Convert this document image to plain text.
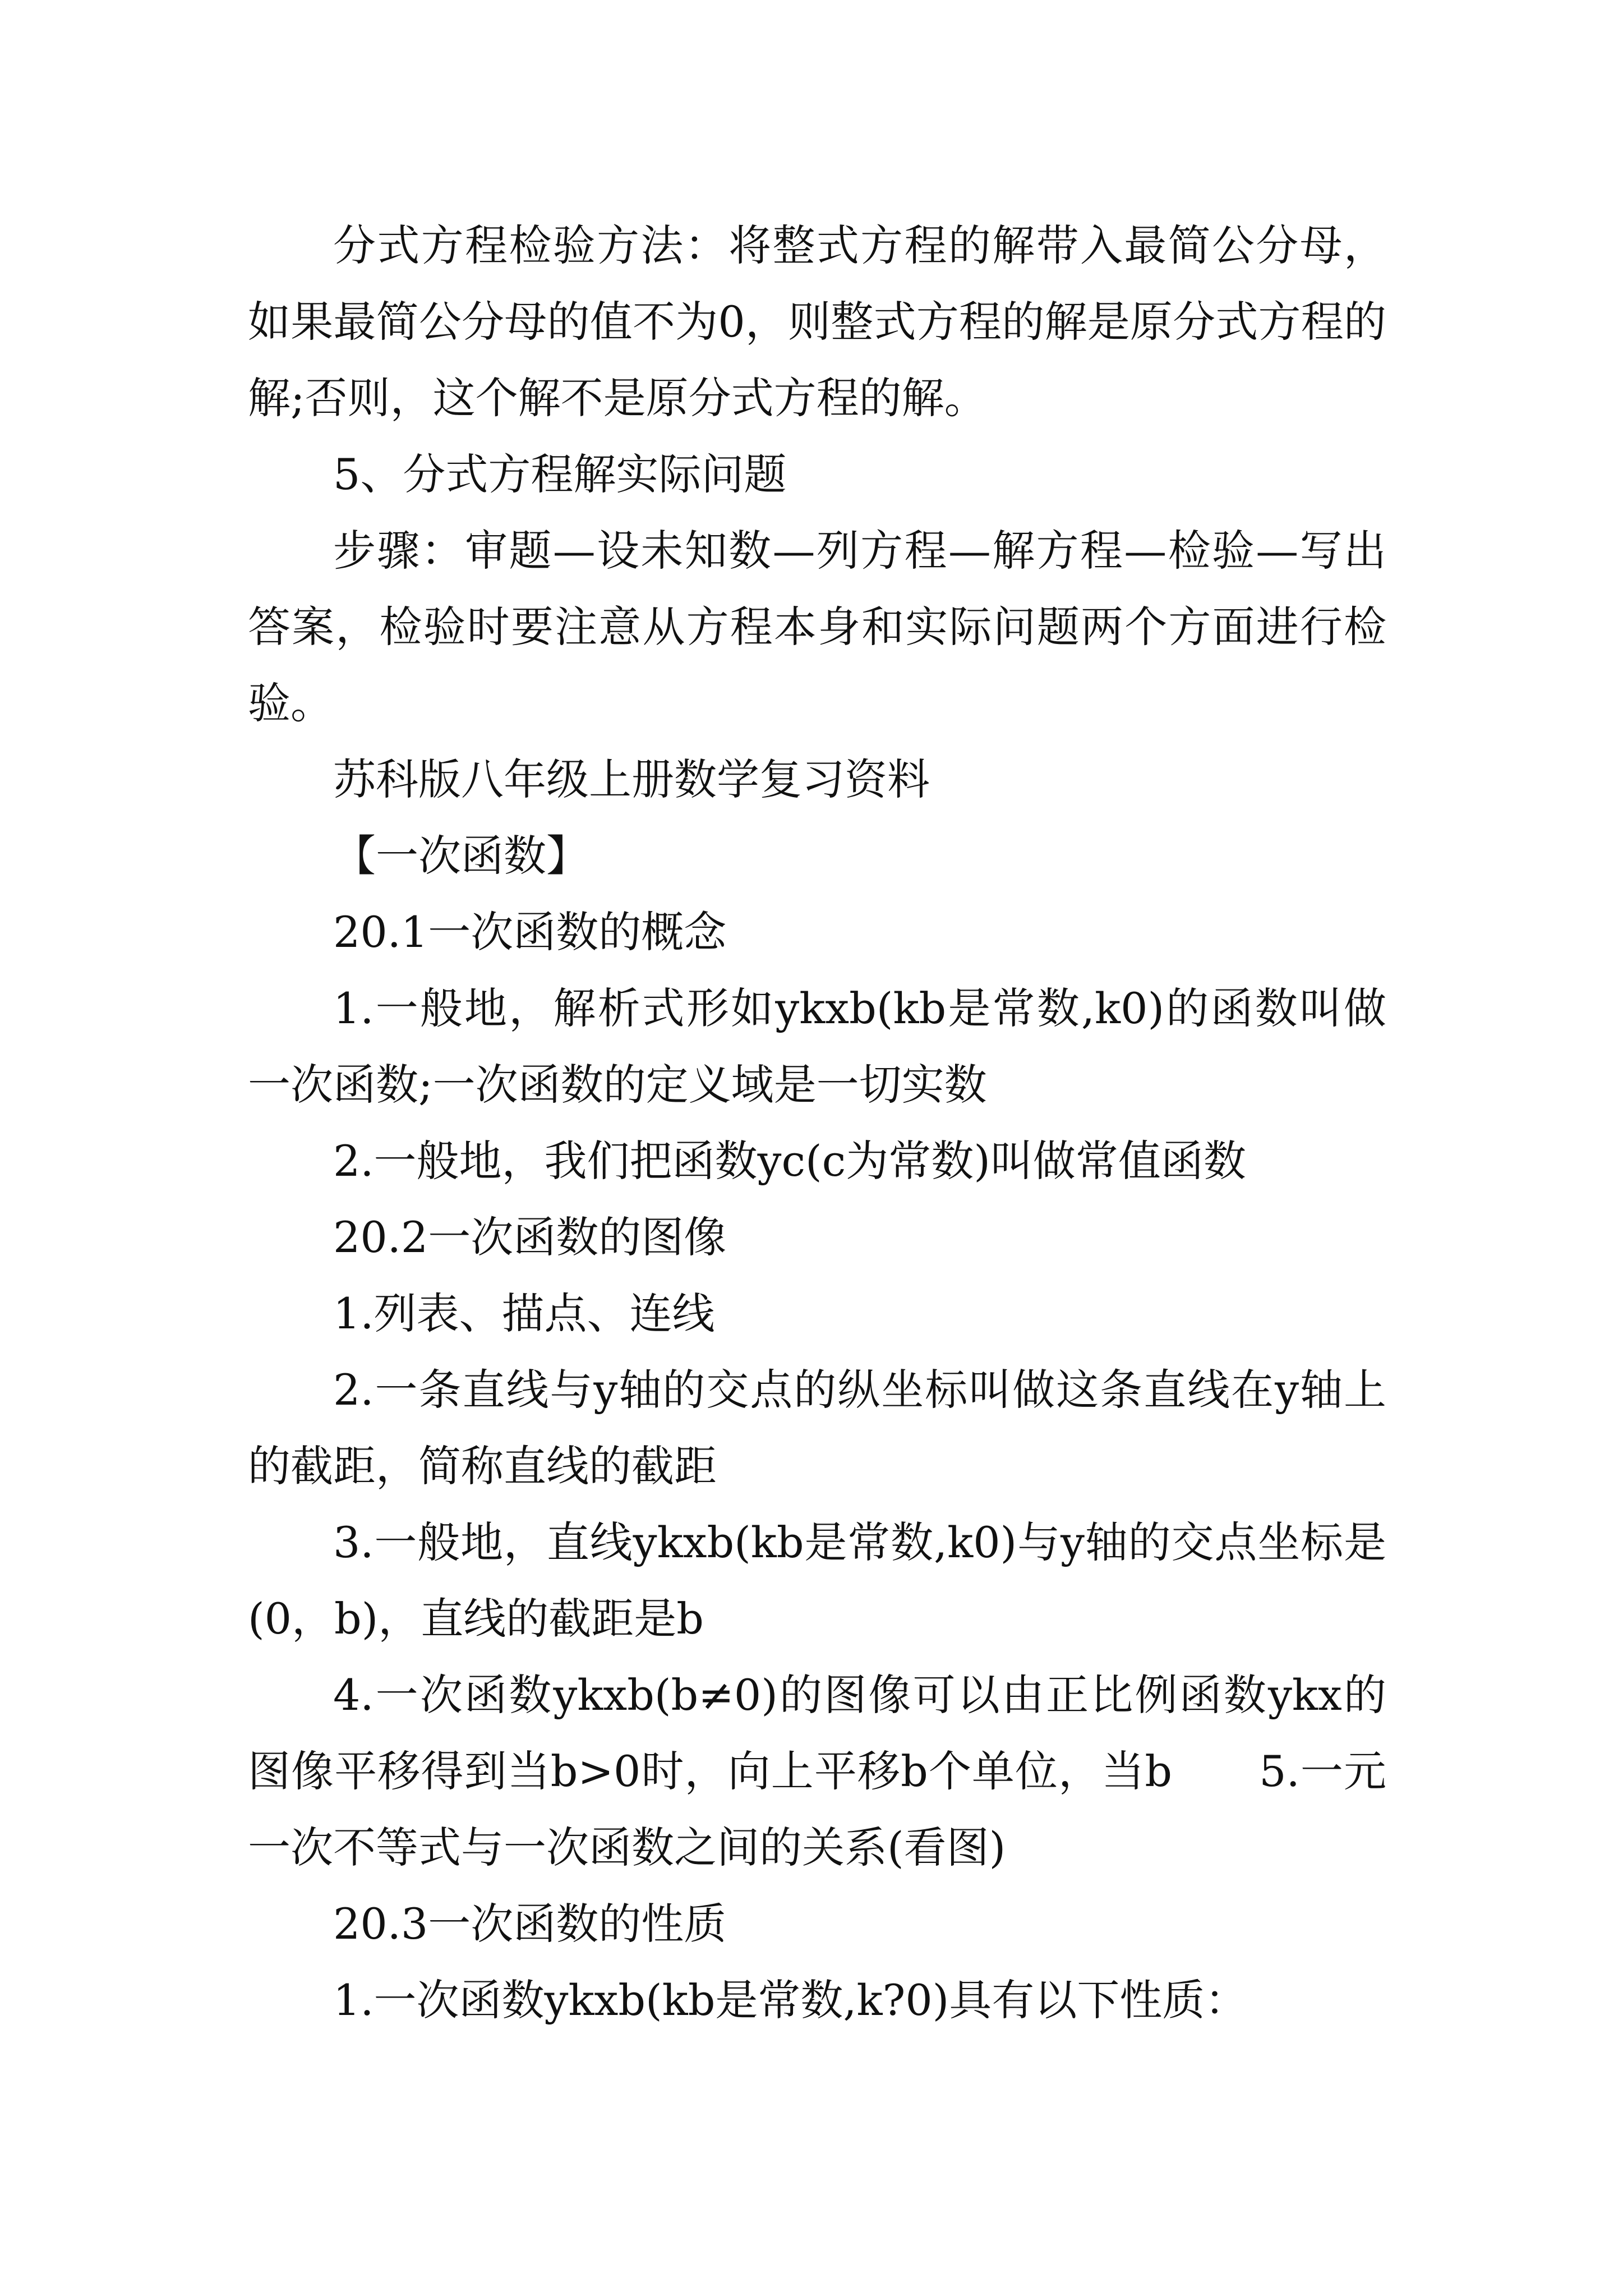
分式方程检验方法：将整式方程的解带入最简公分母，如果最简公分母的值不为0，则整式方程的解是原分式方程的解;否则，这个解不是原分式方程的解。

5、分式方程解实际问题

步骤：审题—设未知数—列方程—解方程—检验—写出答案，检验时要注意从方程本身和实际问题两个方面进行检验。

苏科版八年级上册数学复习资料

【一次函数】

20.1一次函数的概念

1.一般地，解析式形如ykxb(kb是常数,k0)的函数叫做一次函数;一次函数的定义域是一切实数

2.一般地，我们把函数yc(c为常数)叫做常值函数

20.2一次函数的图像

1.列表、描点、连线

2.一条直线与y轴的交点的纵坐标叫做这条直线在y轴上的截距，简称直线的截距

3.一般地，直线ykxb(kb是常数,k0)与y轴的交点坐标是(0，b)，直线的截距是b

4.一次函数ykxb(b≠0)的图像可以由正比例函数ykx的图像平移得到当b>0时，向上平移b个单位，当b　　5.一元一次不等式与一次函数之间的关系(看图)

20.3一次函数的性质

1.一次函数ykxb(kb是常数,k?0)具有以下性质：
